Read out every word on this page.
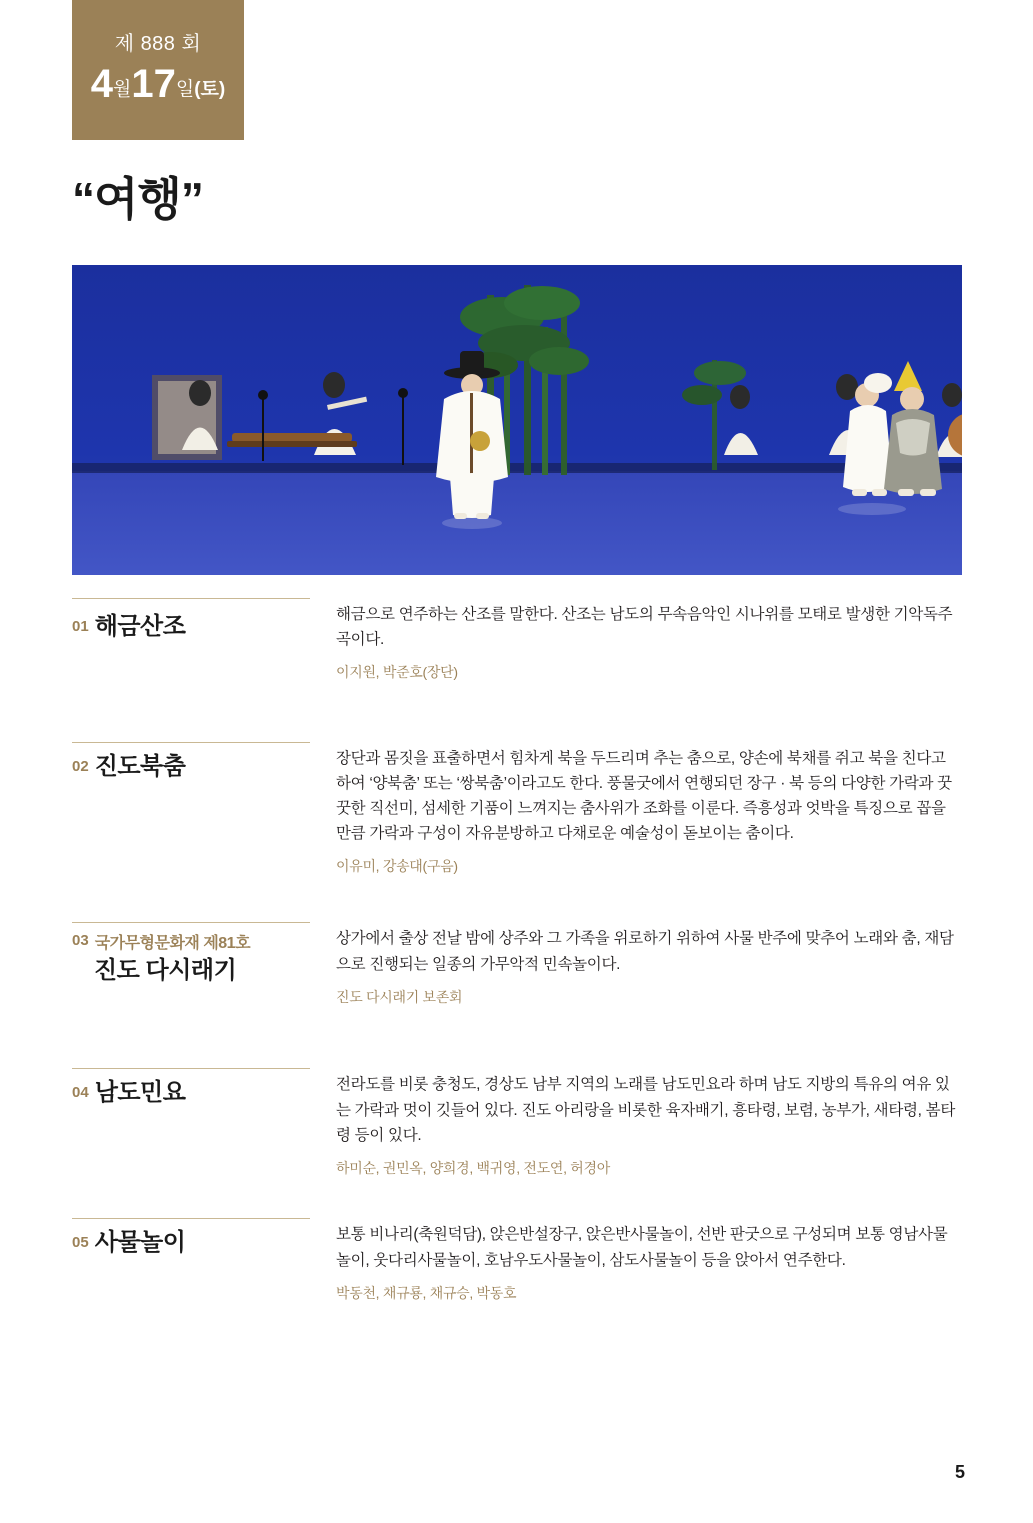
제 888 회
4월17일(토)
“여행”
01 해금산조	해금으로 연주하는 산조를 말한다. 산조는 남도의 무속음악인 시나위를 모태로 발생한 기악독주곡이다.

이지원, 박준호(장단)

02 진도북춤	장단과 몸짓을 표출하면서 힘차게 북을 두드리며 추는 춤으로, 양손에 북채를 쥐고 북을 친다고 하여 ‘양북춤’ 또는 ‘쌍북춤’이라고도 한다. 풍물굿에서 연행되던 장구 · 북 등의 다양한 가락과 꿋꿋한 직선미, 섬세한 기품이 느껴지는 춤사위가 조화를 이룬다. 즉흥성과 엇박을 특징으로 꼽을 만큼 가락과 구성이 자유분방하고 다채로운 예술성이 돋보이는 춤이다.

이유미, 강송대(구음)

03 국가무형문화재 제81호
진도 다시래기

상가에서 출상 전날 밤에 상주와 그 가족을 위로하기 위하여 사물 반주에 맞추어 노래와 춤, 재담으로 진행되는 일종의 가무악적 민속놀이다.

진도 다시래기 보존회

04 남도민요	전라도를 비롯 충청도, 경상도 남부 지역의 노래를 남도민요라 하며 남도 지방의 특유의 여유 있는 가락과 멋이 깃들어 있다. 진도 아리랑을 비롯한 육자배기, 흥타령, 보렴, 농부가, 새타령, 봄타령 등이 있다.

하미순, 권민옥, 양희경, 백귀영, 전도연, 허경아

05 사물놀이	보통 비나리(축원덕담), 앉은반설장구, 앉은반사물놀이, 선반 판굿으로 구성되며 보통 영남사물놀이, 웃다리사물놀이, 호남우도사물놀이, 삼도사물놀이 등을 앉아서 연주한다.

박동천, 채규룡, 채규승, 박동호

5
